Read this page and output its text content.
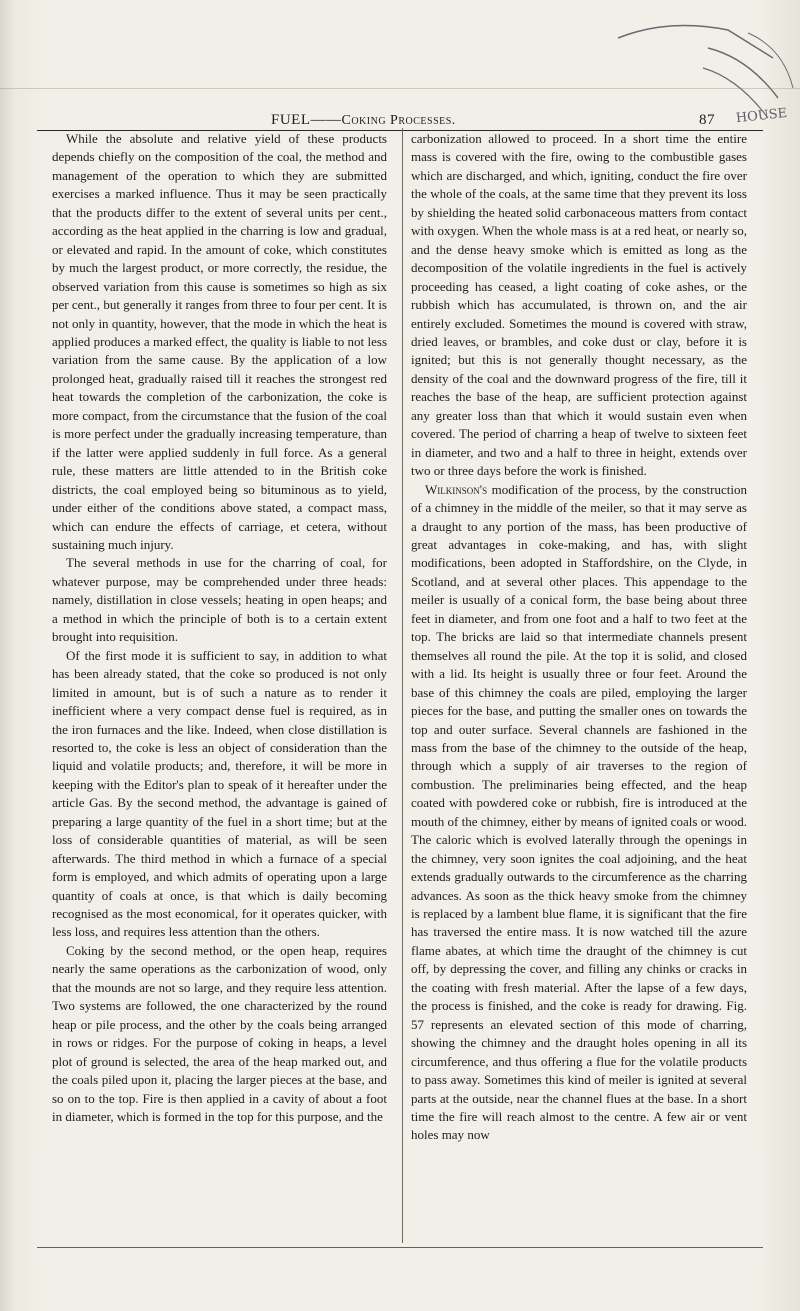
HOUSE
FUEL——Coking Processes.	87

While the absolute and relative yield of these products depends chiefly on the composition of the coal, the method and management of the operation to which they are submitted exercises a marked influence. Thus it may be seen practically that the products differ to the extent of several units per cent., according as the heat applied in the charring is low and gradual, or elevated and rapid. In the amount of coke, which constitutes by much the largest product, or more correctly, the residue, the observed variation from this cause is sometimes so high as six per cent., but generally it ranges from three to four per cent. It is not only in quantity, however, that the mode in which the heat is applied produces a marked effect, the quality is liable to not less variation from the same cause. By the application of a low prolonged heat, gradually raised till it reaches the strongest red heat towards the completion of the carbonization, the coke is more compact, from the circumstance that the fusion of the coal is more perfect under the gradually increasing temperature, than if the latter were applied suddenly in full force. As a general rule, these matters are little attended to in the British coke districts, the coal employed being so bituminous as to yield, under either of the conditions above stated, a compact mass, which can endure the effects of carriage, et cetera, without sustaining much injury.

The several methods in use for the charring of coal, for whatever purpose, may be comprehended under three heads: namely, distillation in close vessels; heating in open heaps; and a method in which the principle of both is to a certain extent brought into requisition.

Of the first mode it is sufficient to say, in addition to what has been already stated, that the coke so produced is not only limited in amount, but is of such a nature as to render it inefficient where a very compact dense fuel is required, as in the iron furnaces and the like. Indeed, when close distillation is resorted to, the coke is less an object of consideration than the liquid and volatile products; and, therefore, it will be more in keeping with the Editor's plan to speak of it hereafter under the article Gas. By the second method, the advantage is gained of preparing a large quantity of the fuel in a short time; but at the loss of considerable quantities of material, as will be seen afterwards. The third method in which a furnace of a special form is employed, and which admits of operating upon a large quantity of coals at once, is that which is daily becoming recognised as the most economical, for it operates quicker, with less loss, and requires less attention than the others.

Coking by the second method, or the open heap, requires nearly the same operations as the carbonization of wood, only that the mounds are not so large, and they require less attention. Two systems are followed, the one characterized by the round heap or pile process, and the other by the coals being arranged in rows or ridges. For the purpose of coking in heaps, a level plot of ground is selected, the area of the heap marked out, and the coals piled upon it, placing the larger pieces at the base, and so on to the top. Fire is then applied in a cavity of about a foot in diameter, which is formed in the top for this purpose, and the

carbonization allowed to proceed. In a short time the entire mass is covered with the fire, owing to the combustible gases which are discharged, and which, igniting, conduct the fire over the whole of the coals, at the same time that they prevent its loss by shielding the heated solid carbonaceous matters from contact with oxygen. When the whole mass is at a red heat, or nearly so, and the dense heavy smoke which is emitted as long as the decomposition of the volatile ingredients in the fuel is actively proceeding has ceased, a light coating of coke ashes, or the rubbish which has accumulated, is thrown on, and the air entirely excluded. Sometimes the mound is covered with straw, dried leaves, or brambles, and coke dust or clay, before it is ignited; but this is not generally thought necessary, as the density of the coal and the downward progress of the fire, till it reaches the base of the heap, are sufficient protection against any greater loss than that which it would sustain even when covered. The period of charring a heap of twelve to sixteen feet in diameter, and two and a half to three in height, extends over two or three days before the work is finished.

Wilkinson's modification of the process, by the construction of a chimney in the middle of the meiler, so that it may serve as a draught to any portion of the mass, has been productive of great advantages in coke-making, and has, with slight modifications, been adopted in Staffordshire, on the Clyde, in Scotland, and at several other places. This appendage to the meiler is usually of a conical form, the base being about three feet in diameter, and from one foot and a half to two feet at the top. The bricks are laid so that intermediate channels present themselves all round the pile. At the top it is solid, and closed with a lid. Its height is usually three or four feet. Around the base of this chimney the coals are piled, employing the larger pieces for the base, and putting the smaller ones on towards the top and outer surface. Several channels are fashioned in the mass from the base of the chimney to the outside of the heap, through which a supply of air traverses to the region of combustion. The preliminaries being effected, and the heap coated with powdered coke or rubbish, fire is introduced at the mouth of the chimney, either by means of ignited coals or wood. The caloric which is evolved laterally through the openings in the chimney, very soon ignites the coal adjoining, and the heat extends gradually outwards to the circumference as the charring advances. As soon as the thick heavy smoke from the chimney is replaced by a lambent blue flame, it is significant that the fire has traversed the entire mass. It is now watched till the azure flame abates, at which time the draught of the chimney is cut off, by depressing the cover, and filling any chinks or cracks in the coating with fresh material. After the lapse of a few days, the process is finished, and the coke is ready for drawing. Fig. 57 represents an elevated section of this mode of charring, showing the chimney and the draught holes opening in all its circumference, and thus offering a flue for the volatile products to pass away. Sometimes this kind of meiler is ignited at several parts at the outside, near the channel flues at the base. In a short time the fire will reach almost to the centre. A few air or vent holes may now
